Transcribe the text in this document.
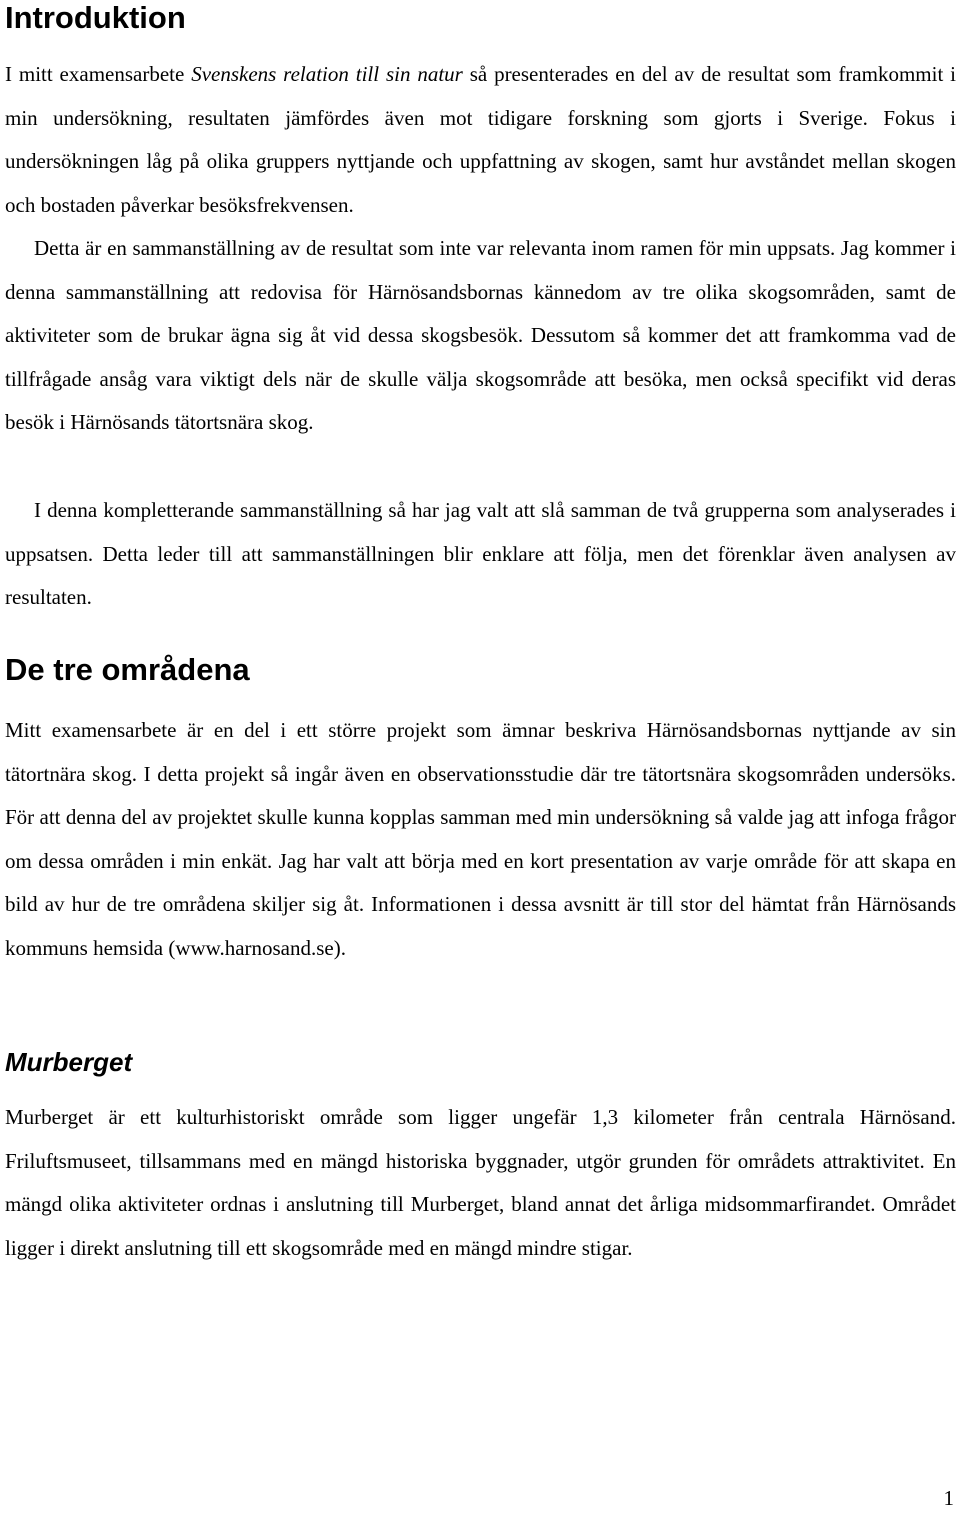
Introduktion

I mitt examensarbete Svenskens relation till sin natur så presenterades en del av de resultat som framkommit i min undersökning, resultaten jämfördes även mot tidigare forskning som gjorts i Sverige. Fokus i undersökningen låg på olika gruppers nyttjande och uppfattning av skogen, samt hur avståndet mellan skogen och bostaden påverkar besöksfrekvensen.

Detta är en sammanställning av de resultat som inte var relevanta inom ramen för min uppsats. Jag kommer i denna sammanställning att redovisa för Härnösandsbornas kännedom av tre olika skogsområden, samt de aktiviteter som de brukar ägna sig åt vid dessa skogsbesök. Dessutom så kommer det att framkomma vad de tillfrågade ansåg vara viktigt dels när de skulle välja skogsområde att besöka, men också specifikt vid deras besök i Härnösands tätortsnära skog.

I denna kompletterande sammanställning så har jag valt att slå samman de två grupperna som analyserades i uppsatsen. Detta leder till att sammanställningen blir enklare att följa, men det förenklar även analysen av resultaten.

De tre områdena

Mitt examensarbete är en del i ett större projekt som ämnar beskriva Härnösandsbornas nyttjande av sin tätortnära skog. I detta projekt så ingår även en observationsstudie där tre tätortsnära skogsområden undersöks. För att denna del av projektet skulle kunna kopplas samman med min undersökning så valde jag att infoga frågor om dessa områden i min enkät. Jag har valt att börja med en kort presentation av varje område för att skapa en bild av hur de tre områdena skiljer sig åt. Informationen i dessa avsnitt är till stor del hämtat från Härnösands kommuns hemsida (www.harnosand.se).

Murberget

Murberget är ett kulturhistoriskt område som ligger ungefär 1,3 kilometer från centrala Härnösand. Friluftsmuseet, tillsammans med en mängd historiska byggnader, utgör grunden för områdets attraktivitet. En mängd olika aktiviteter ordnas i anslutning till Murberget, bland annat det årliga midsommarfirandet. Området ligger i direkt anslutning till ett skogsområde med en mängd mindre stigar.

1
